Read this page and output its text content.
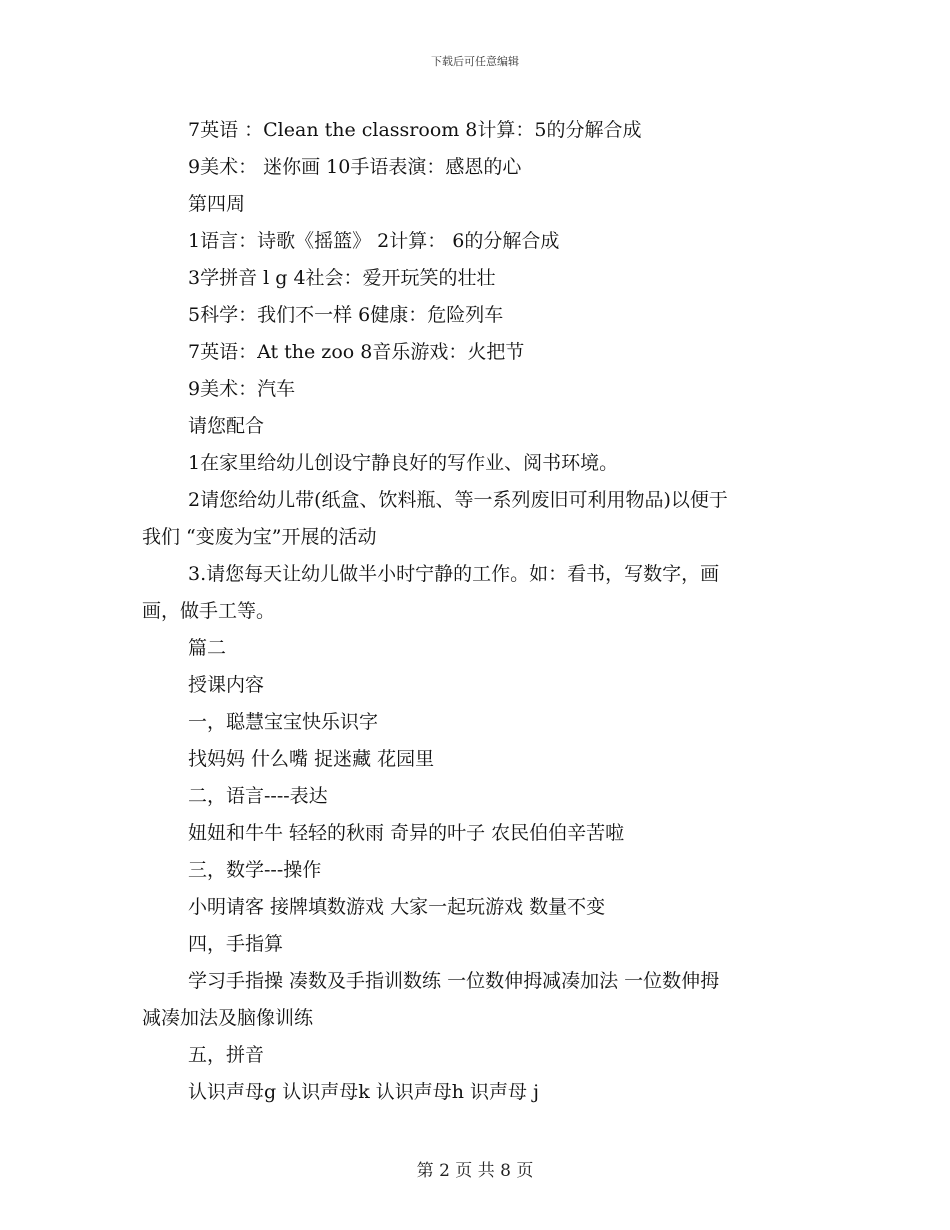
下载后可任意编辑
7英语 ：Clean the classroom 8计算：5的分解合成
9美术： 迷你画 10手语表演：感恩的心
第四周
1语言：诗歌《摇篮》 2计算： 6的分解合成
3学拼音 l g 4社会：爱开玩笑的壮壮
5科学：我们不一样 6健康：危险列车
7英语：At the zoo 8音乐游戏：火把节
9美术：汽车
请您配合
1在家里给幼儿创设宁静良好的写作业、阅书环境。
2请您给幼儿带(纸盒、饮料瓶、等一系列废旧可利用物品)以便于
我们 “变废为宝”开展的活动
3.请您每天让幼儿做半小时宁静的工作。如：看书，写数字，画
画，做手工等。
篇二
授课内容
一，聪慧宝宝快乐识字
找妈妈 什么嘴 捉迷藏 花园里
二，语言----表达
妞妞和牛牛 轻轻的秋雨 奇异的叶子 农民伯伯辛苦啦
三，数学---操作
小明请客 接牌填数游戏 大家一起玩游戏 数量不变
四，手指算
学习手指操 凑数及手指训数练 一位数伸拇减凑加法 一位数伸拇
减凑加法及脑像训练
五，拼音
认识声母g 认识声母k 认识声母h 识声母 j
第 2 页 共 8 页
